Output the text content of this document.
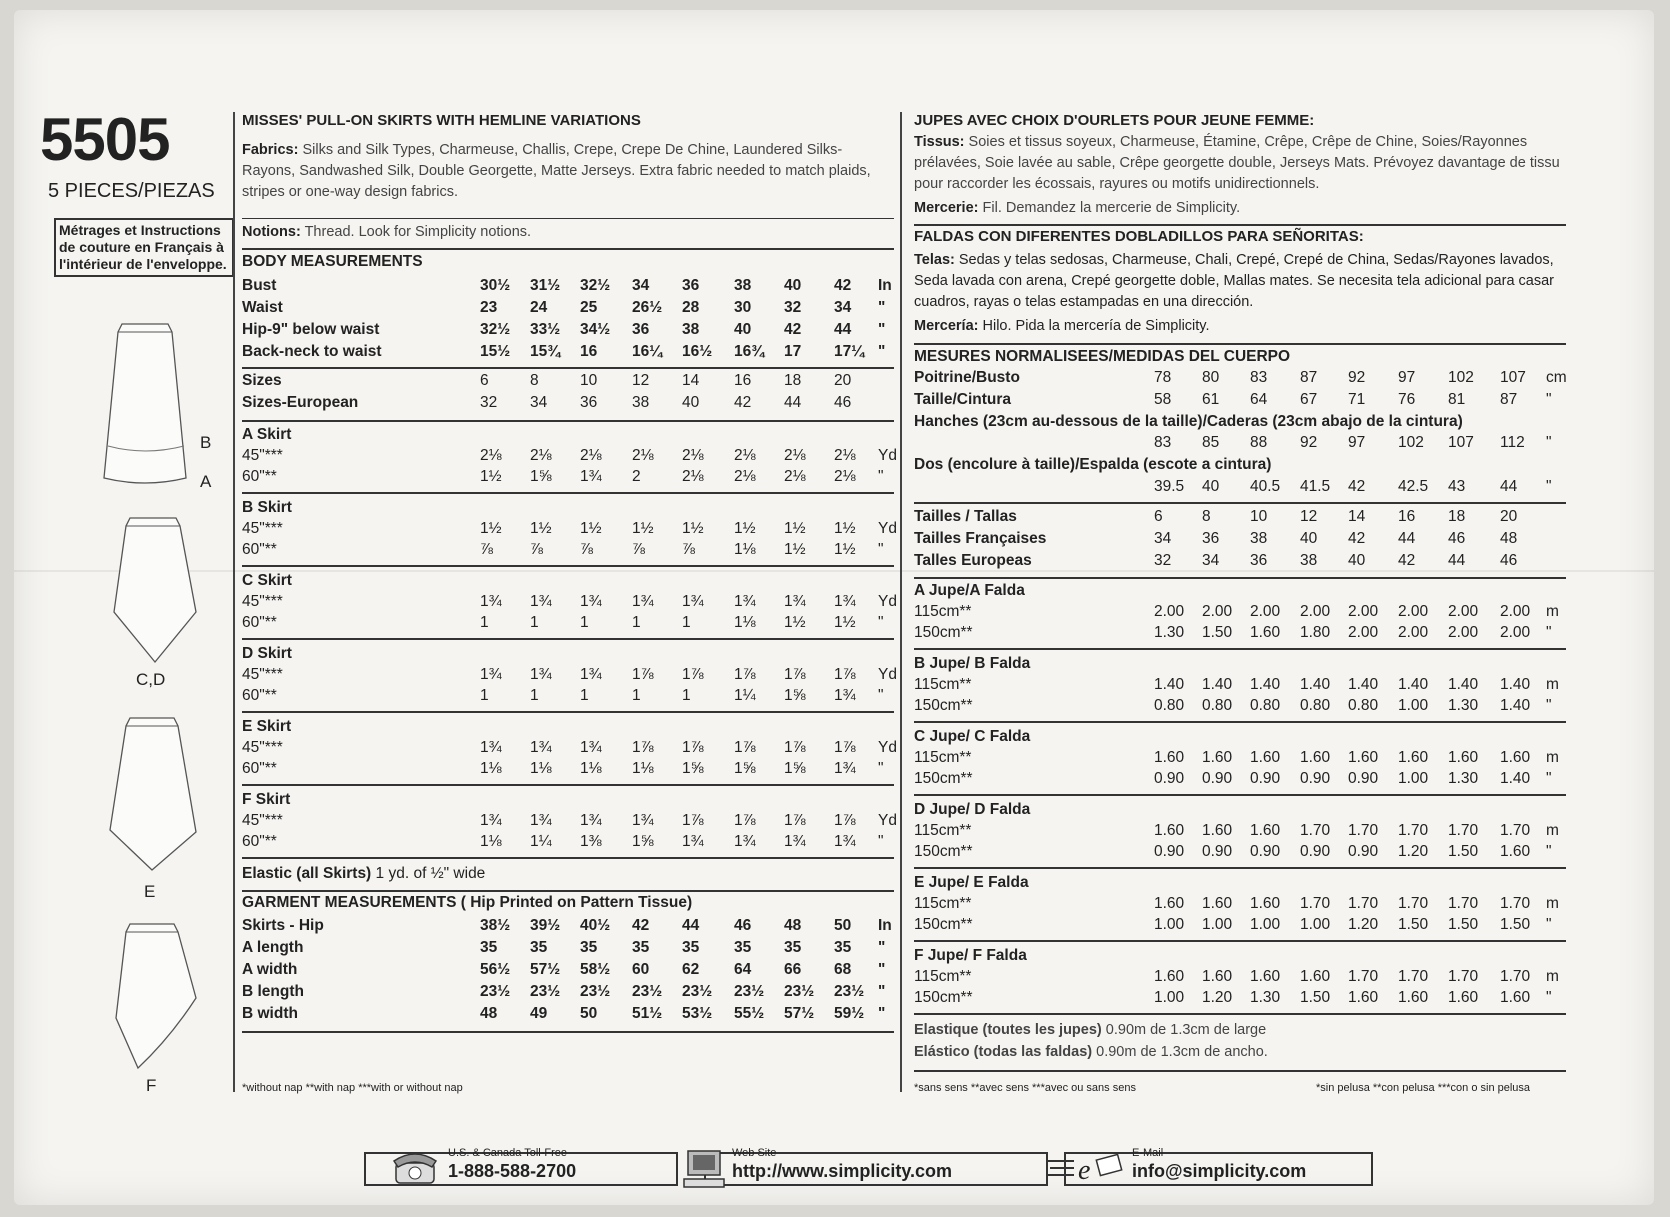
5505
5 PIECES/PIEZAS
Métrages et Instructions de couture en Français à l'intérieur de l'enveloppe.
B
A
C,D
E
F
MISSES' PULL-ON SKIRTS WITH HEMLINE VARIATIONS
Fabrics: Silks and Silk Types, Charmeuse, Challis, Crepe, Crepe De Chine, Laundered Silks-Rayons, Sandwashed Silk, Double Georgette, Matte Jerseys. Extra fabric needed to match plaids, stripes or one-way design fabrics.
Notions: Thread. Look for Simplicity notions.
BODY MEASUREMENTS
Bust	30½ 31½ 32½ 34 36 38 40 42 In
Waist	23 24 25 26½ 28 30 32 34 "
Hip-9" below waist	32½ 33½ 34½ 36 38 40 42 44 "
Back-neck to waist	15½ 15¾ 16 16¼ 16½ 16¾ 17 17¼ "
Sizes	6	8	10 12 14 16 18 20
Sizes-European	32 34 36 38 40 42 44 46
A Skirt
45"***	2⅛ 2⅛ 2⅛ 2⅛ 2⅛ 2⅛ 2⅛ 2⅛ Yd
60"**	1½ 1⅝ 1¾ 2	2⅛ 2⅛ 2⅛ 2⅛ "
B Skirt
45"***	1½ 1½ 1½ 1½ 1½ 1½ 1½ 1½ Yd
60"**	⅞ ⅞ ⅞	⅞ ⅞	1⅛ 1½ 1½ "
C Skirt
45"***	1¾ 1¾ 1¾ 1¾ 1¾ 1¾ 1¾ 1¾ Yd
60"**	1	1	1	1	1	1⅛ 1½ 1½ "
D Skirt
45"***	1¾ 1¾ 1¾ 1⅞ 1⅞ 1⅞ 1⅞ 1⅞ Yd
60"**	1	1	1	1	1	1¼ 1⅝ 1¾ "
E Skirt
45"***	1¾ 1¾ 1¾ 1⅞ 1⅞ 1⅞ 1⅞ 1⅞ Yd
60"**	1⅛ 1⅛ 1⅛ 1⅛ 1⅝ 1⅝ 1⅝ 1¾ "
F Skirt
45"***	1¾ 1¾ 1¾ 1¾ 1⅞ 1⅞ 1⅞ 1⅞ Yd
60"**	1⅛ 1¼ 1⅜ 1⅝ 1¾ 1¾ 1¾ 1¾ "
Elastic (all Skirts) 1 yd. of ½" wide
GARMENT MEASUREMENTS ( Hip Printed on Pattern Tissue)
Skirts - Hip	38½ 39½ 40½ 42 44 46 48 50 In
A length	35 35 35 35 35 35 35 35 "
A width	56½ 57½ 58½ 60 62 64 66 68 "
B length	23½ 23½ 23½ 23½ 23½ 23½ 23½ 23½ "
B width	48 49 50 51½ 53½ 55½ 57½ 59½ "
*without nap **with nap ***with or without nap
JUPES AVEC CHOIX D'OURLETS POUR JEUNE FEMME:
Tissus: Soies et tissus soyeux, Charmeuse, Étamine, Crêpe, Crêpe de Chine, Soies/Rayonnes prélavées, Soie lavée au sable, Crêpe georgette double, Jerseys Mats. Prévoyez davantage de tissu pour raccorder les écossais, rayures ou motifs unidirectionnels.
Mercerie: Fil. Demandez la mercerie de Simplicity.
FALDAS CON DIFERENTES DOBLADILLOS PARA SEÑORITAS:
Telas: Sedas y telas sedosas, Charmeuse, Chali, Crepé, Crepé de China, Sedas/Rayones lavados, Seda lavada con arena, Crepé georgette doble, Mallas mates. Se necesita tela adicional para casar cuadros, rayas o telas estampadas en una dirección.
Mercería: Hilo. Pida la mercería de Simplicity.
MESURES NORMALISEES/MEDIDAS DEL CUERPO
Poitrine/Busto	78 80 83 87 92 97 102 107 cm
Taille/Cintura	58 61 64 67 71 76 81 87 "
Hanches (23cm au-dessous de la taille)/Caderas (23cm abajo de la cintura)
83 85 88 92 97 102 107 112 "
Dos (encolure à taille)/Espalda (escote a cintura)
39.5 40 40.5 41.5 42 42.5 43 44 "
Tailles / Tallas	6	8	10 12 14 16 18 20
Tailles Françaises	34 36 38 40 42 44 46 48
Talles Europeas	32 34 36 38 40 42 44 46
A Jupe/A Falda
115cm**	2.00 2.00 2.00 2.00 2.00 2.00 2.00 2.00 m
150cm**	1.30 1.50 1.60 1.80 2.00 2.00 2.00 2.00 "
B Jupe/ B Falda
115cm**	1.40 1.40 1.40 1.40 1.40 1.40 1.40 1.40 m
150cm**	0.80 0.80 0.80 0.80 0.80 1.00 1.30 1.40 "
C Jupe/ C Falda
115cm**	1.60 1.60 1.60 1.60 1.60 1.60 1.60 1.60 m
150cm**	0.90 0.90 0.90 0.90 0.90 1.00 1.30 1.40 "
D Jupe/ D Falda
115cm**	1.60 1.60 1.60 1.70 1.70 1.70 1.70 1.70 m
150cm**	0.90 0.90 0.90 0.90 0.90 1.20 1.50 1.60 "
E Jupe/ E Falda
115cm**	1.60 1.60 1.60 1.70 1.70 1.70 1.70 1.70 m
150cm**	1.00 1.00 1.00 1.00 1.20 1.50 1.50 1.50 "
F Jupe/ F Falda
115cm**	1.60 1.60 1.60 1.60 1.70 1.70 1.70 1.70 m
150cm**	1.00 1.20 1.30 1.50 1.60 1.60 1.60 1.60 "
Elastique (toutes les jupes) 0.90m de 1.3cm de large
Elástico (todas las faldas) 0.90m de 1.3cm de ancho.
*sans sens **avec sens ***avec ou sans sens	*sin pelusa **con pelusa ***con o sin pelusa
U.S. & Canada Toll-Free
1-888-588-2700
Web Site
http://www.simplicity.com	e
E-Mail
info@simplicity.com
